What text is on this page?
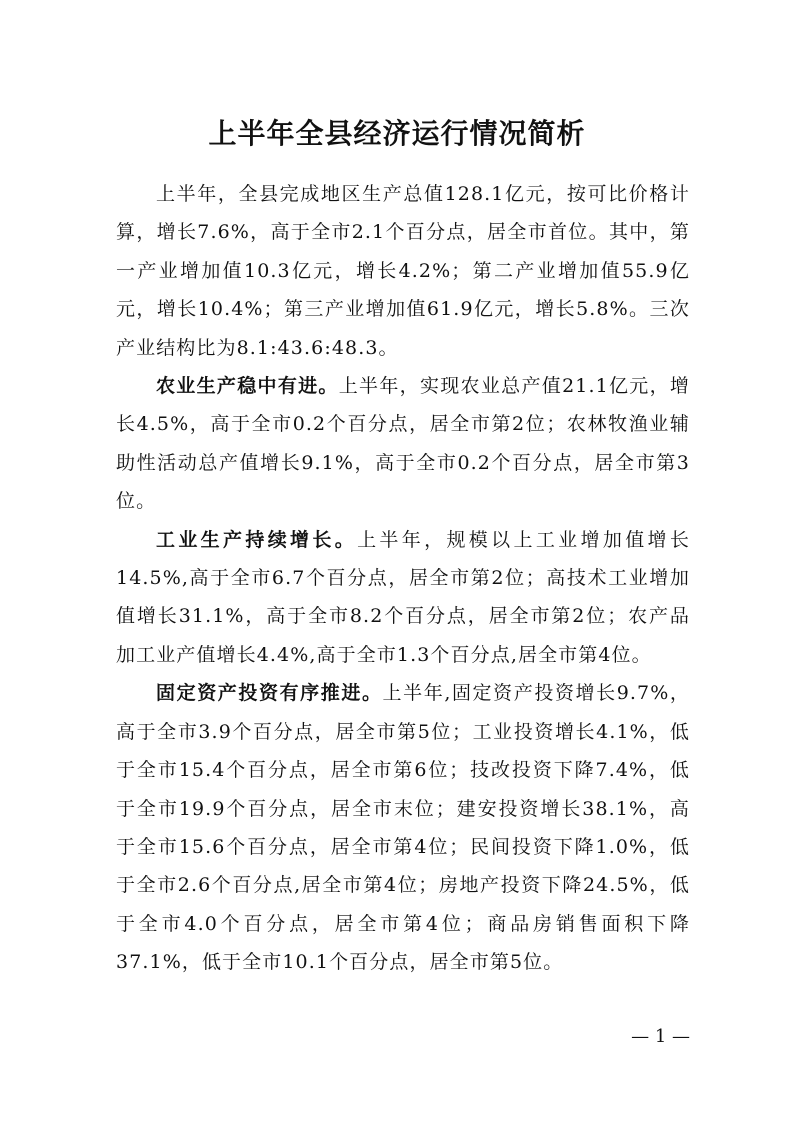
上半年全县经济运行情况简析

上半年，全县完成地区生产总值128.1亿元，按可比价格计算，增长7.6%，高于全市2.1个百分点，居全市首位。其中，第一产业增加值10.3亿元，增长4.2%；第二产业增加值55.9亿元，增长10.4%；第三产业增加值61.9亿元，增长5.8%。三次产业结构比为8.1:43.6:48.3。

农业生产稳中有进。上半年，实现农业总产值21.1亿元，增长4.5%，高于全市0.2个百分点，居全市第2位；农林牧渔业辅助性活动总产值增长9.1%，高于全市0.2个百分点，居全市第3位。

工业生产持续增长。上半年，规模以上工业增加值增长14.5%,高于全市6.7个百分点，居全市第2位；高技术工业增加值增长31.1%，高于全市8.2个百分点，居全市第2位；农产品加工业产值增长4.4%,高于全市1.3个百分点,居全市第4位。

固定资产投资有序推进。上半年,固定资产投资增长9.7%，高于全市3.9个百分点，居全市第5位；工业投资增长4.1%，低于全市15.4个百分点，居全市第6位；技改投资下降7.4%，低于全市19.9个百分点，居全市末位；建安投资增长38.1%，高于全市15.6个百分点，居全市第4位；民间投资下降1.0%，低于全市2.6个百分点,居全市第4位；房地产投资下降24.5%，低于全市4.0个百分点，居全市第4位；商品房销售面积下降37.1%，低于全市10.1个百分点，居全市第5位。

— 1 —
